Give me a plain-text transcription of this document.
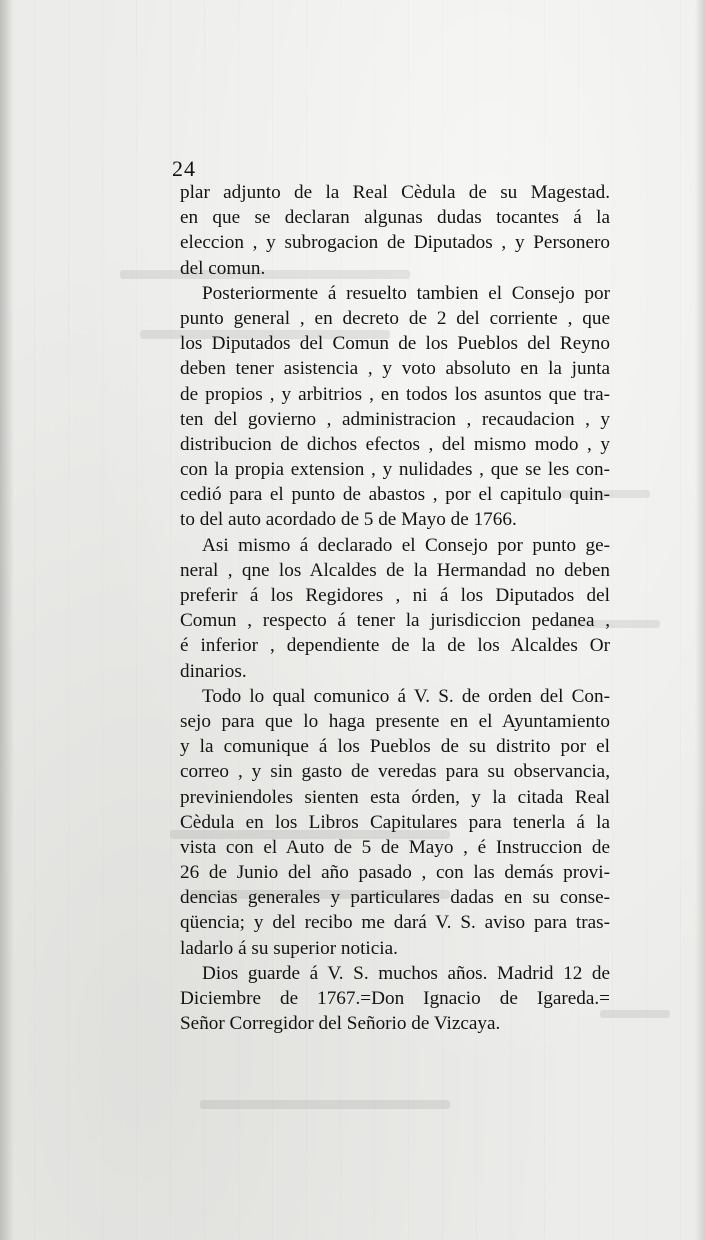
24
plar adjunto de la Real Cèdula de su Magestad.
en que se declaran algunas dudas tocantes á la
eleccion , y subrogacion de Diputados , y Personero
del comun.
Posteriormente á resuelto tambien el Consejo por
punto general , en decreto de 2 del corriente , que
los Diputados del Comun de los Pueblos del Reyno
deben tener asistencia , y voto absoluto en la junta
de propios , y arbitrios , en todos los asuntos que tra-
ten del govierno , administracion , recaudacion , y
distribucion de dichos efectos , del mismo modo , y
con la propia extension , y nulidades , que se les con-
cedió para el punto de abastos , por el capitulo quin-
to del auto acordado de 5 de Mayo de 1766.
Asi mismo á declarado el Consejo por punto ge-
neral , qne los Alcaldes de la Hermandad no deben
preferir á los Regidores , ni á los Diputados del
Comun , respecto á tener la jurisdiccion pedanea ,
é inferior , dependiente de la de los Alcaldes Or
dinarios.
Todo lo qual comunico á V. S. de orden del Con-
sejo para que lo haga presente en el Ayuntamiento
y la comunique á los Pueblos de su distrito por el
correo , y sin gasto de veredas para su observancia,
previniendoles sienten esta órden, y la citada Real
Cèdula en los Libros Capitulares para tenerla á la
vista con el Auto de 5 de Mayo , é Instruccion de
26 de Junio del año pasado , con las demás provi-
dencias generales y particulares dadas en su conse-
qüencia; y del recibo me dará V. S. aviso para tras-
ladarlo á su superior noticia.
Dios guarde á V. S. muchos años. Madrid 12 de
Diciembre de 1767.=Don Ignacio de Igareda.=
Señor Corregidor del Señorio de Vizcaya.
